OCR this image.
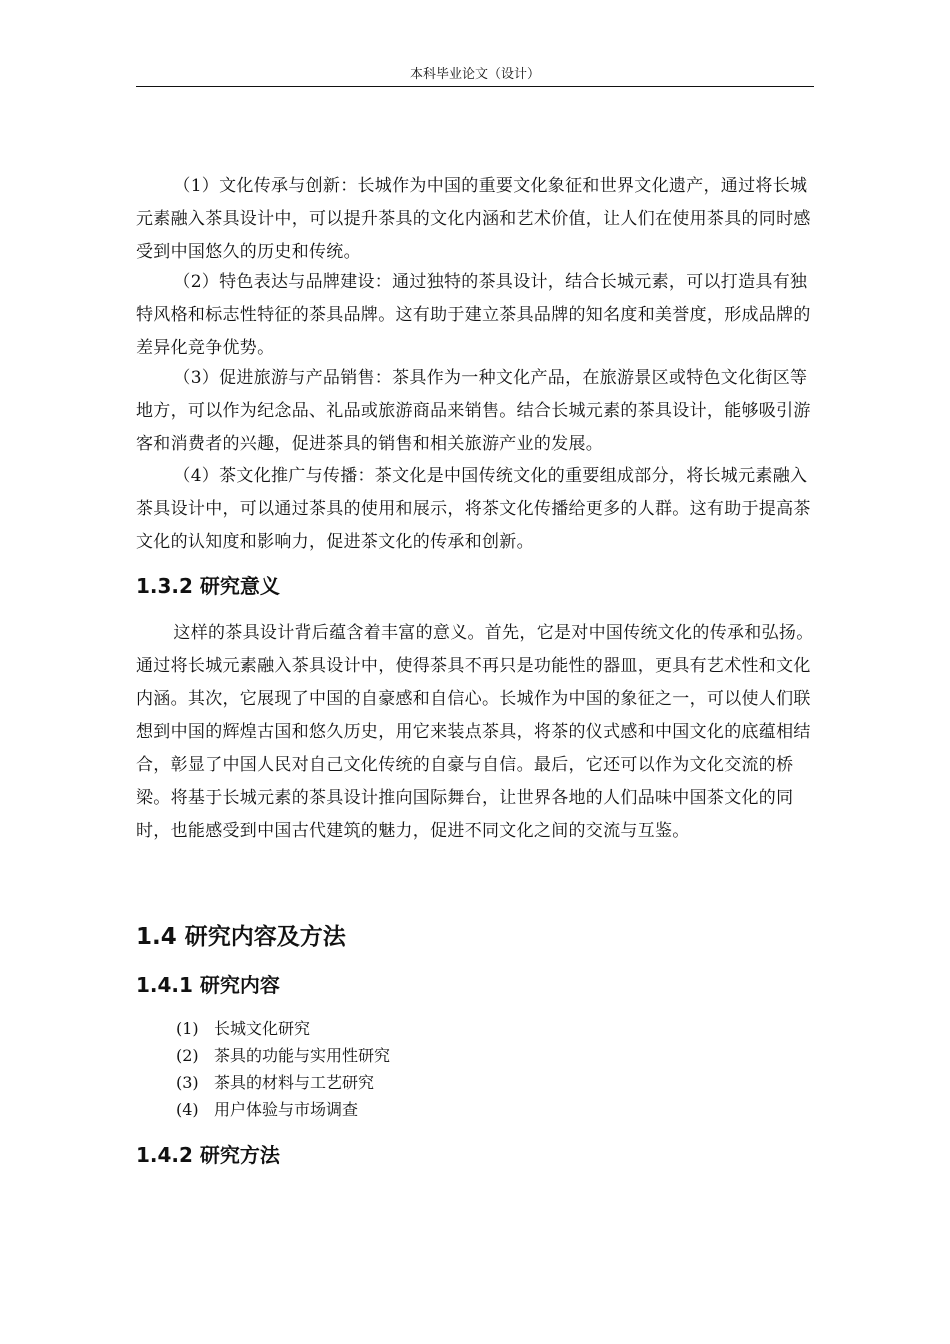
本科毕业论文（设计）

（1）文化传承与创新：长城作为中国的重要文化象征和世界文化遗产，通过将长城元素融入茶具设计中，可以提升茶具的文化内涵和艺术价值，让人们在使用茶具的同时感受到中国悠久的历史和传统。

（2）特色表达与品牌建设：通过独特的茶具设计，结合长城元素，可以打造具有独特风格和标志性特征的茶具品牌。这有助于建立茶具品牌的知名度和美誉度，形成品牌的差异化竞争优势。

（3）促进旅游与产品销售：茶具作为一种文化产品，在旅游景区或特色文化街区等地方，可以作为纪念品、礼品或旅游商品来销售。结合长城元素的茶具设计，能够吸引游客和消费者的兴趣，促进茶具的销售和相关旅游产业的发展。

（4）茶文化推广与传播：茶文化是中国传统文化的重要组成部分，将长城元素融入茶具设计中，可以通过茶具的使用和展示，将茶文化传播给更多的人群。这有助于提高茶文化的认知度和影响力，促进茶文化的传承和创新。

1.3.2 研究意义

这样的茶具设计背后蕴含着丰富的意义。首先，它是对中国传统文化的传承和弘扬。通过将长城元素融入茶具设计中，使得茶具不再只是功能性的器皿，更具有艺术性和文化内涵。其次，它展现了中国的自豪感和自信心。长城作为中国的象征之一，可以使人们联想到中国的辉煌古国和悠久历史，用它来装点茶具，将茶的仪式感和中国文化的底蕴相结合，彰显了中国人民对自己文化传统的自豪与自信。最后，它还可以作为文化交流的桥梁。将基于长城元素的茶具设计推向国际舞台，让世界各地的人们品味中国茶文化的同时，也能感受到中国古代建筑的魅力，促进不同文化之间的交流与互鉴。

1.4 研究内容及方法
1.4.1 研究内容
(1) 长城文化研究
(2) 茶具的功能与实用性研究
(3) 茶具的材料与工艺研究
(4) 用户体验与市场调查
1.4.2 研究方法
